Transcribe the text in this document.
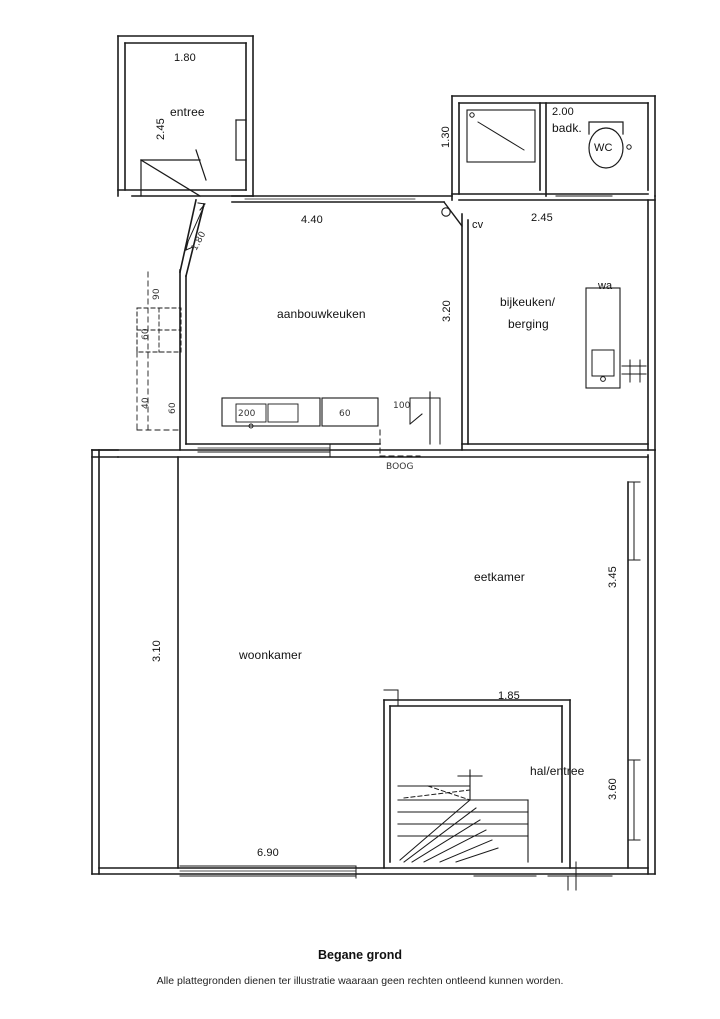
1.80
2.45
entree	2.00
badk.
1.30	WC
4.40	2.45
cv
aanbouwkeuken	3.20	bijkeuken/
berging
wa
eetkamer	3.45
woonkamer
3.10
1.85
hal/entree
3.60
6.90
1.80
BOOG
200	60
100
60
40
90
60
Begane grond
Alle plattegronden dienen ter illustratie waaraan geen rechten ontleend kunnen worden.
